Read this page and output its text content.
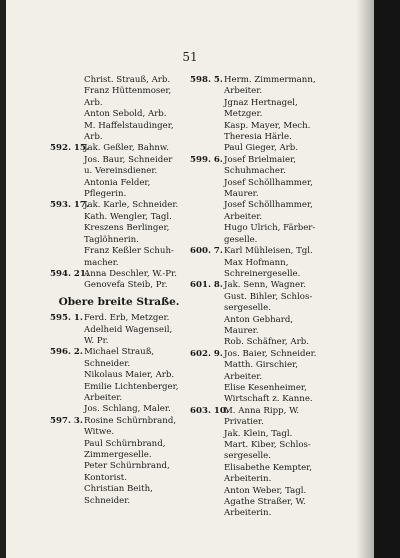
51
Christ. Strauß, Arb.
Franz Hüttenmoser,
Arb.
Anton Sebold, Arb.
M. Haffelstaudinger,
Arb.
592. 15.
Jak. Geßler, Bahnw.
Jos. Baur, Schneider
u. Vereinsdiener.
Antonia Felder,
Pflegerin.
593. 17.
Jak. Karle, Schneider.
Kath. Wengler, Tagl.
Kreszens Berlinger,
Taglöhnerin.
Franz Keßler Schuh-
macher.
594. 21.
Anna Deschler, W.-Pr.
Genovefa Steib, Pr.
Obere breite Straße.
595. 1. Ferd. Erb, Metzger.
Adelheid Wagenseil,
W. Pr.
596. 2. Michael Strauß,
Schneider.
Nikolaus Maier, Arb.
Emilie Lichtenberger,
Arbeiter.
Jos. Schlang, Maler.
597. 3. Rosine Schürnbrand,
Witwe.
Paul Schürnbrand,
Zimmergeselle.
Peter Schürnbrand,
Kontorist.
Christian Beith,
Schneider.
598. 5. Herm. Zimmermann,
Arbeiter.
Jgnaz Hertnagel,
Metzger.
Kasp. Mayer, Mech.
Theresia Härle.
Paul Gieger, Arb.
599. 6. Josef Brielmaier,
Schuhmacher.
Josef Schöllhammer,
Maurer.
Josef Schöllhammer,
Arbeiter.
Hugo Ulrich, Färber-
geselle.
600. 7. Karl Mühleisen, Tgl.
Max Hofmann,
Schreinergeselle.
601. 8. Jak. Senn, Wagner.
Gust. Bihler, Schlos-
sergeselle.
Anton Gebhard,
Maurer.
Rob. Schäfner, Arb.
602. 9. Jos. Baier, Schneider.
Matth. Girschier,
Arbeiter.
Elise Kesenheimer,
Wirtschaft z. Kanne.
603. 10.
M. Anna Ripp, W.
Privatier.
Jak. Klein, Tagl.
Mart. Kiber, Schlos-
sergeselle.
Elisabethe Kempter,
Arbeiterin.
Anton Weber, Tagl.
Agathe Straßer, W.
Arbeiterin.
